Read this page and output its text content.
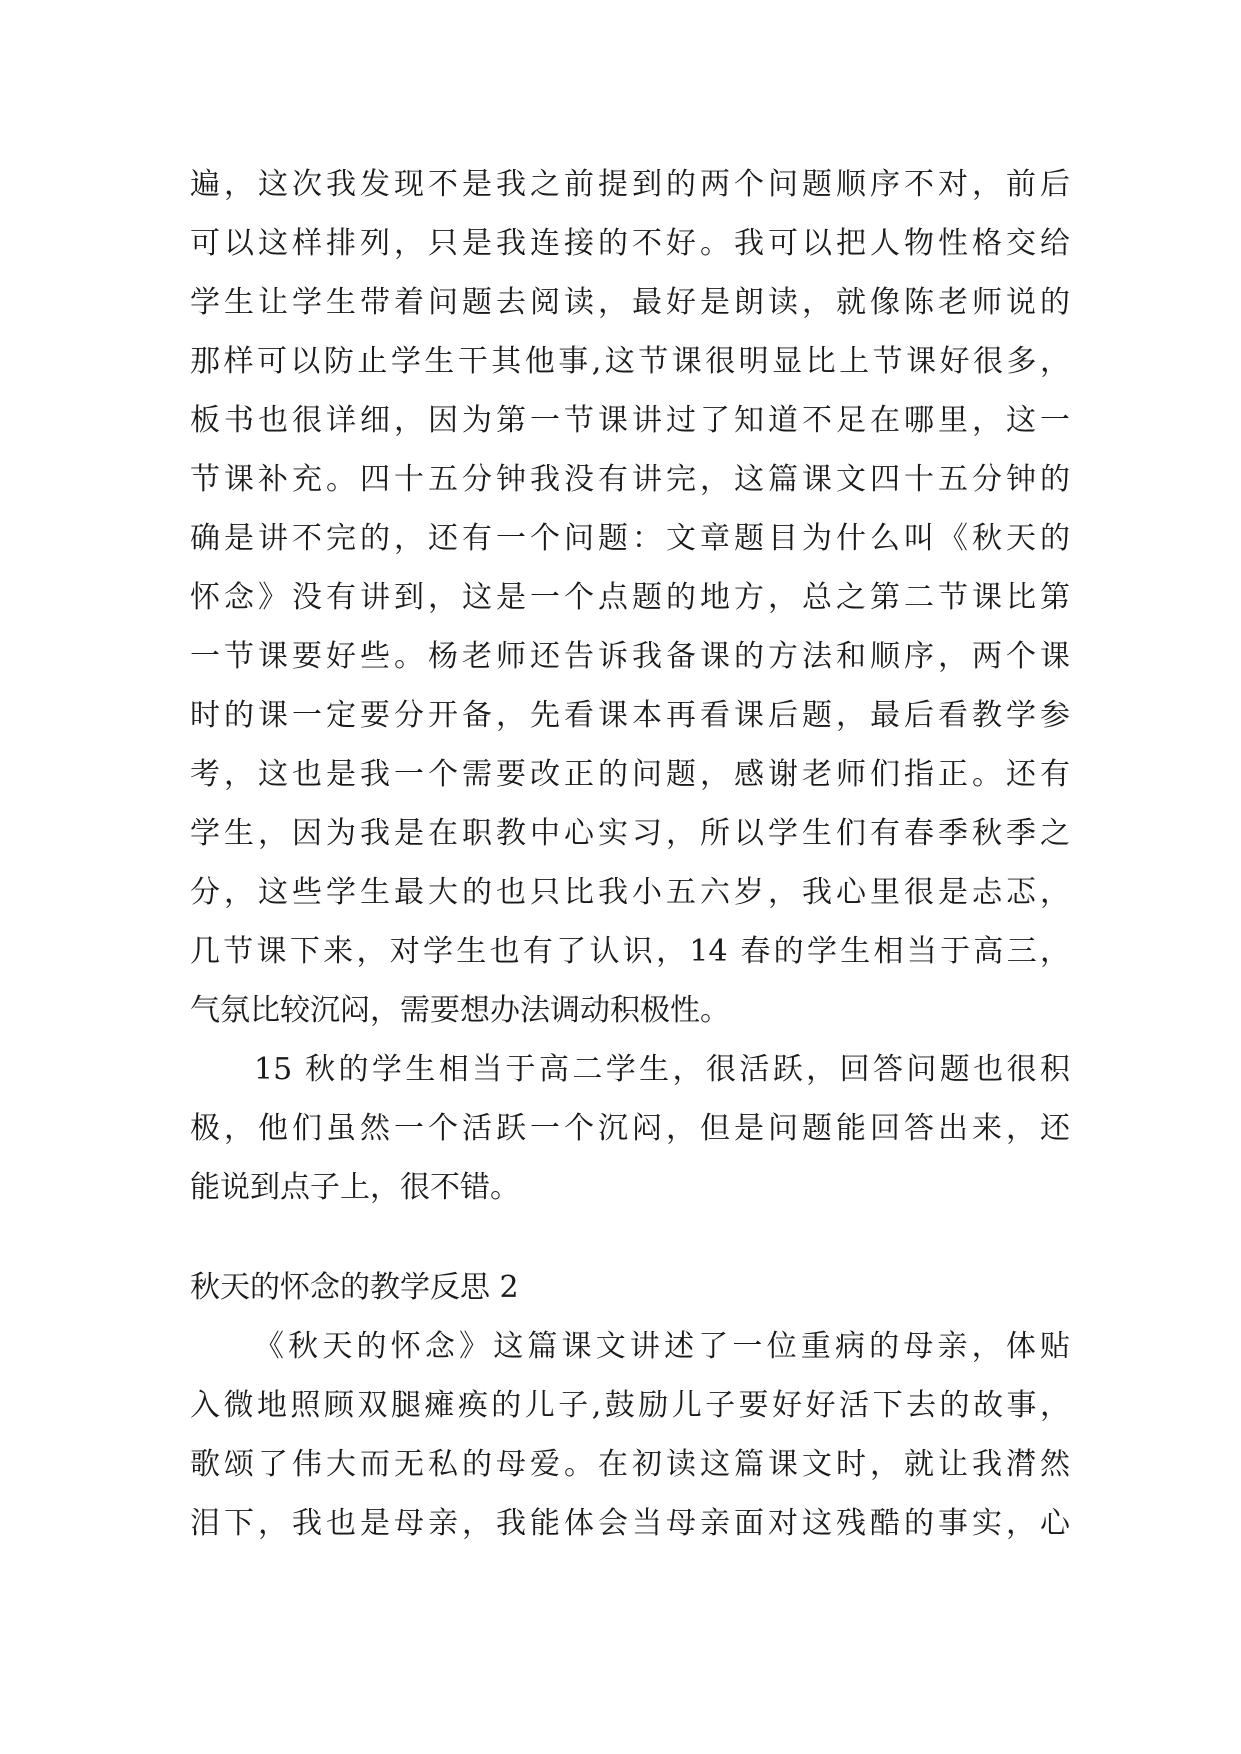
遍，这次我发现不是我之前提到的两个问题顺序不对，前后
可以这样排列，只是我连接的不好。我可以把人物性格交给
学生让学生带着问题去阅读，最好是朗读，就像陈老师说的
那样可以防止学生干其他事,这节课很明显比上节课好很多，
板书也很详细，因为第一节课讲过了知道不足在哪里，这一
节课补充。四十五分钟我没有讲完，这篇课文四十五分钟的
确是讲不完的，还有一个问题：文章题目为什么叫《秋天的
怀念》没有讲到，这是一个点题的地方，总之第二节课比第
一节课要好些。杨老师还告诉我备课的方法和顺序，两个课
时的课一定要分开备，先看课本再看课后题，最后看教学参
考，这也是我一个需要改正的问题，感谢老师们指正。还有
学生，因为我是在职教中心实习，所以学生们有春季秋季之
分，这些学生最大的也只比我小五六岁，我心里很是忐忑，
几节课下来，对学生也有了认识，14 春的学生相当于高三，
气氛比较沉闷，需要想办法调动积极性。
15 秋的学生相当于高二学生，很活跃，回答问题也很积
极，他们虽然一个活跃一个沉闷，但是问题能回答出来，还
能说到点子上，很不错。
秋天的怀念的教学反思 2
《秋天的怀念》这篇课文讲述了一位重病的母亲，体贴
入微地照顾双腿瘫痪的儿子,鼓励儿子要好好活下去的故事，
歌颂了伟大而无私的母爱。在初读这篇课文时，就让我潸然
泪下，我也是母亲，我能体会当母亲面对这残酷的事实，心
